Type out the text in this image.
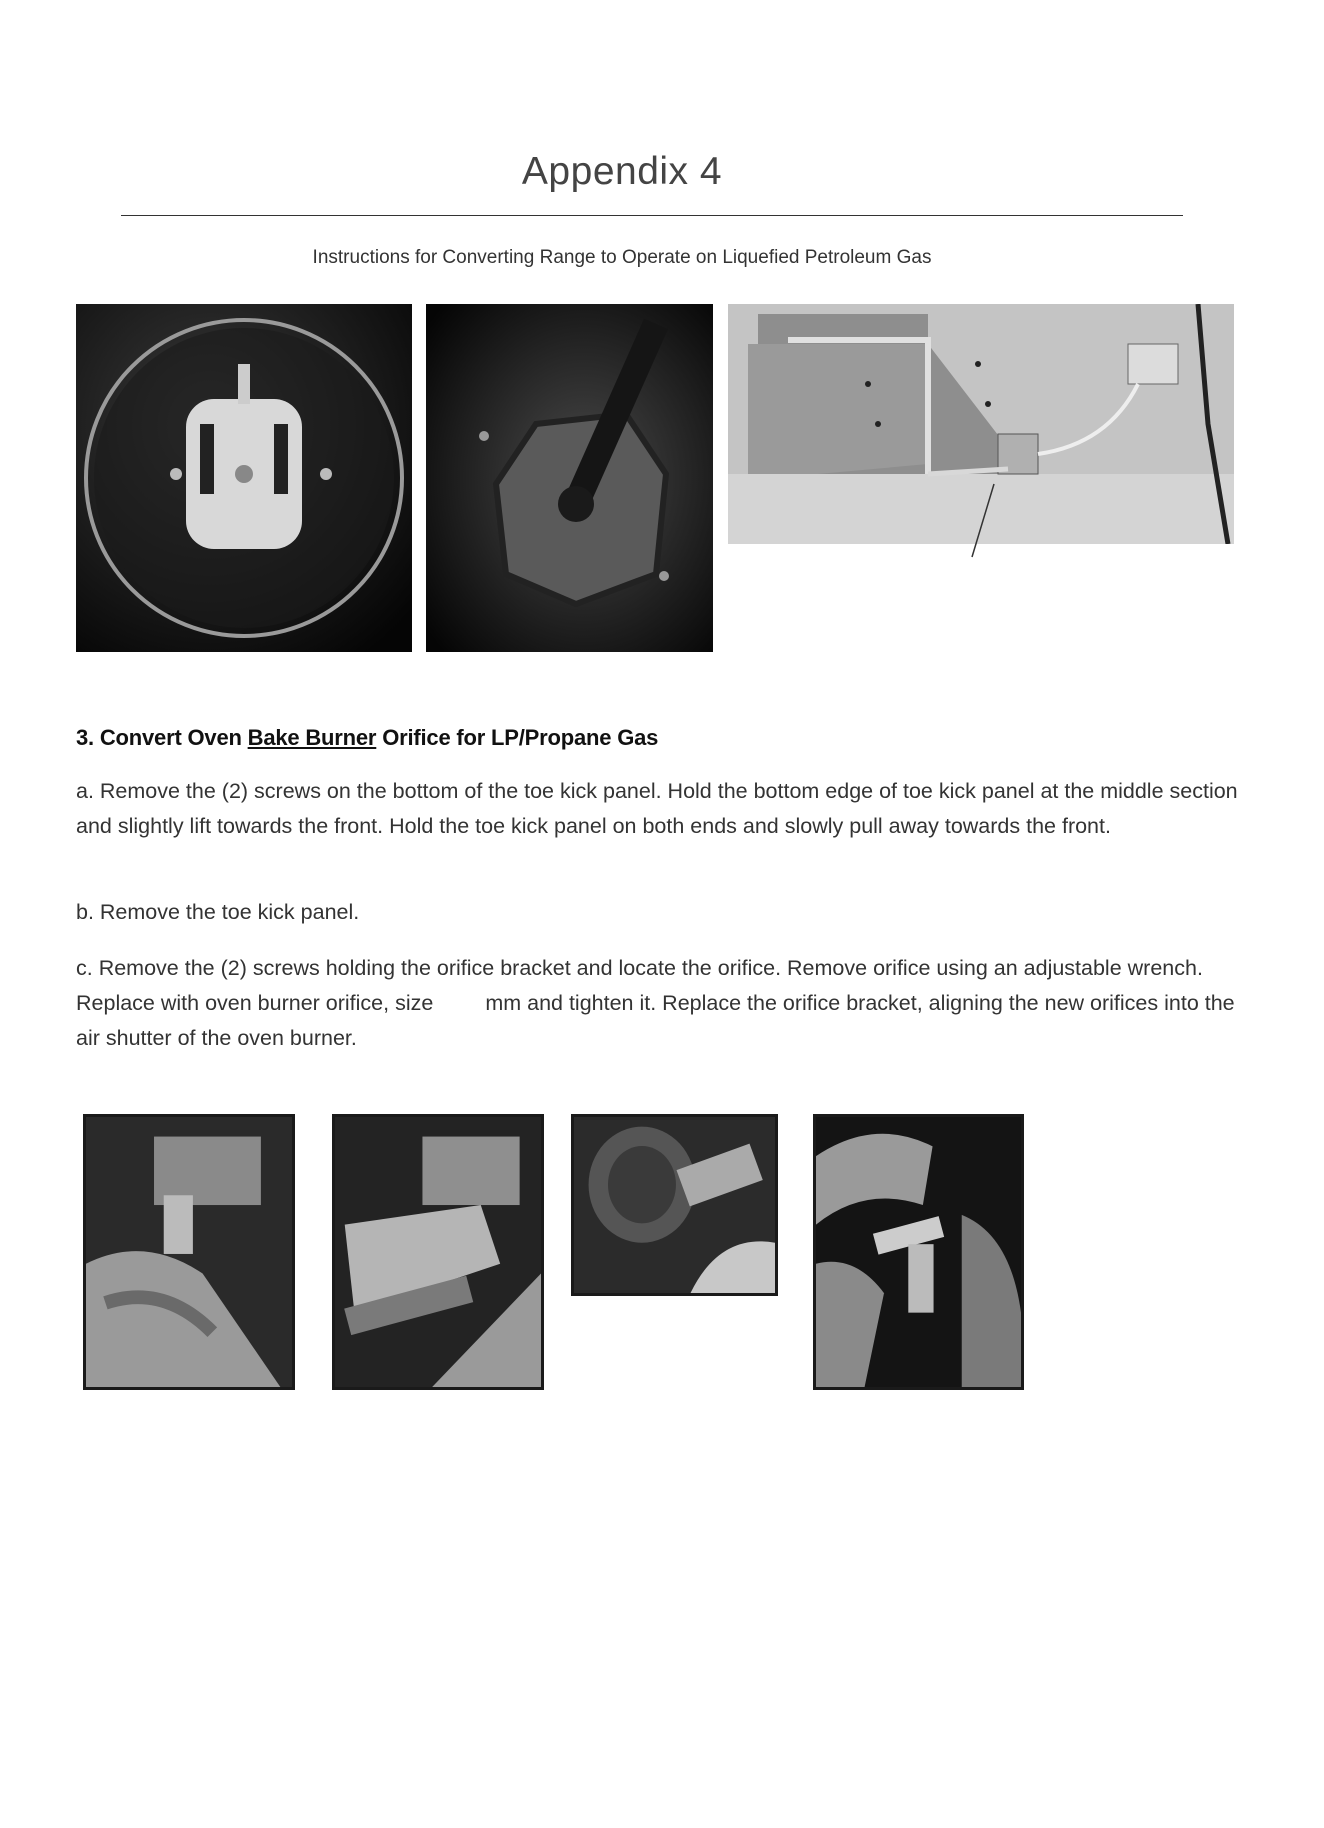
Appendix 4
Instructions for Converting Range to Operate on Liquefied Petroleum Gas
3. Convert Oven Bake Burner Orifice for LP/Propane Gas
a. Remove the (2) screws on the bottom of the toe kick panel. Hold the bottom edge of toe kick panel at the middle section and slightly lift towards the front. Hold the toe kick panel on both ends and slowly pull away towards the front.
b. Remove the toe kick panel.
c. Remove the (2) screws holding the orifice bracket and locate the orifice. Remove orifice using an adjustable wrench. Replace with oven burner orifice, size mm and tighten it. Replace the orifice bracket, aligning the new orifices into the air shutter of the oven burner.
